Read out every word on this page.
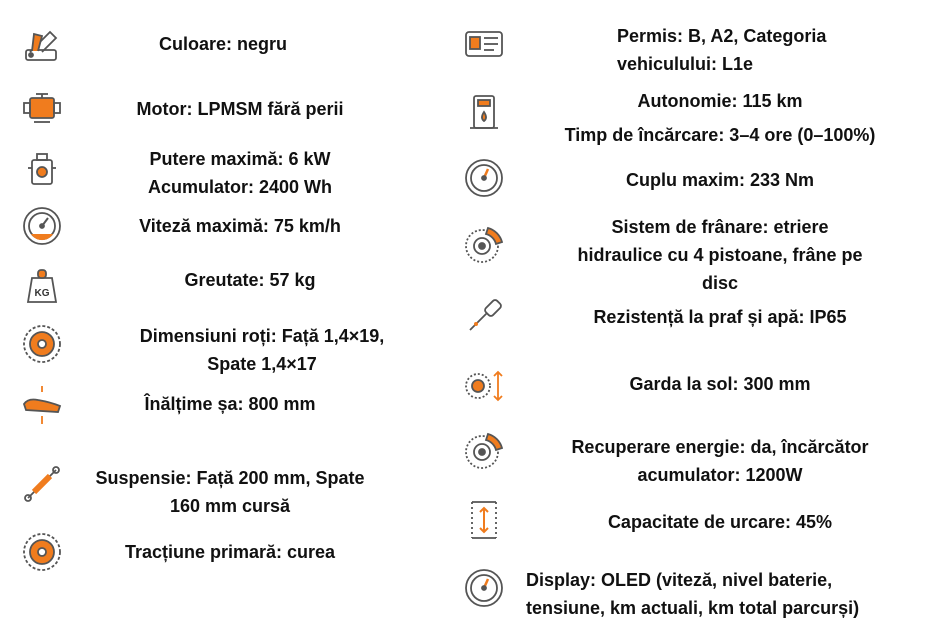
Culoare: negru
Motor: LPMSM fără perii
Putere maximă: 6 kW
Acumulator: 2400 Wh
Viteză maximă: 75 km/h
KG
Greutate: 57 kg
Dimensiuni roți: Față 1,4×19,
Spate 1,4×17
Înălțime șa: 800 mm
Suspensie: Față 200 mm, Spate
160 mm cursă
Tracțiune primară: curea
Permis: B, A2, Categoria
vehiculului: L1e
Autonomie: 115 km
Timp de încărcare: 3–4 ore (0–100%)
Cuplu maxim: 233 Nm
Sistem de frânare: etriere
hidraulice cu 4 pistoane, frâne pe
disc
Rezistență la praf și apă: IP65
Garda la sol: 300 mm
Recuperare energie: da, încărcător
acumulator: 1200W
Capacitate de urcare: 45%
Display: OLED (viteză, nivel baterie,
tensiune, km actuali, km total parcurși)
